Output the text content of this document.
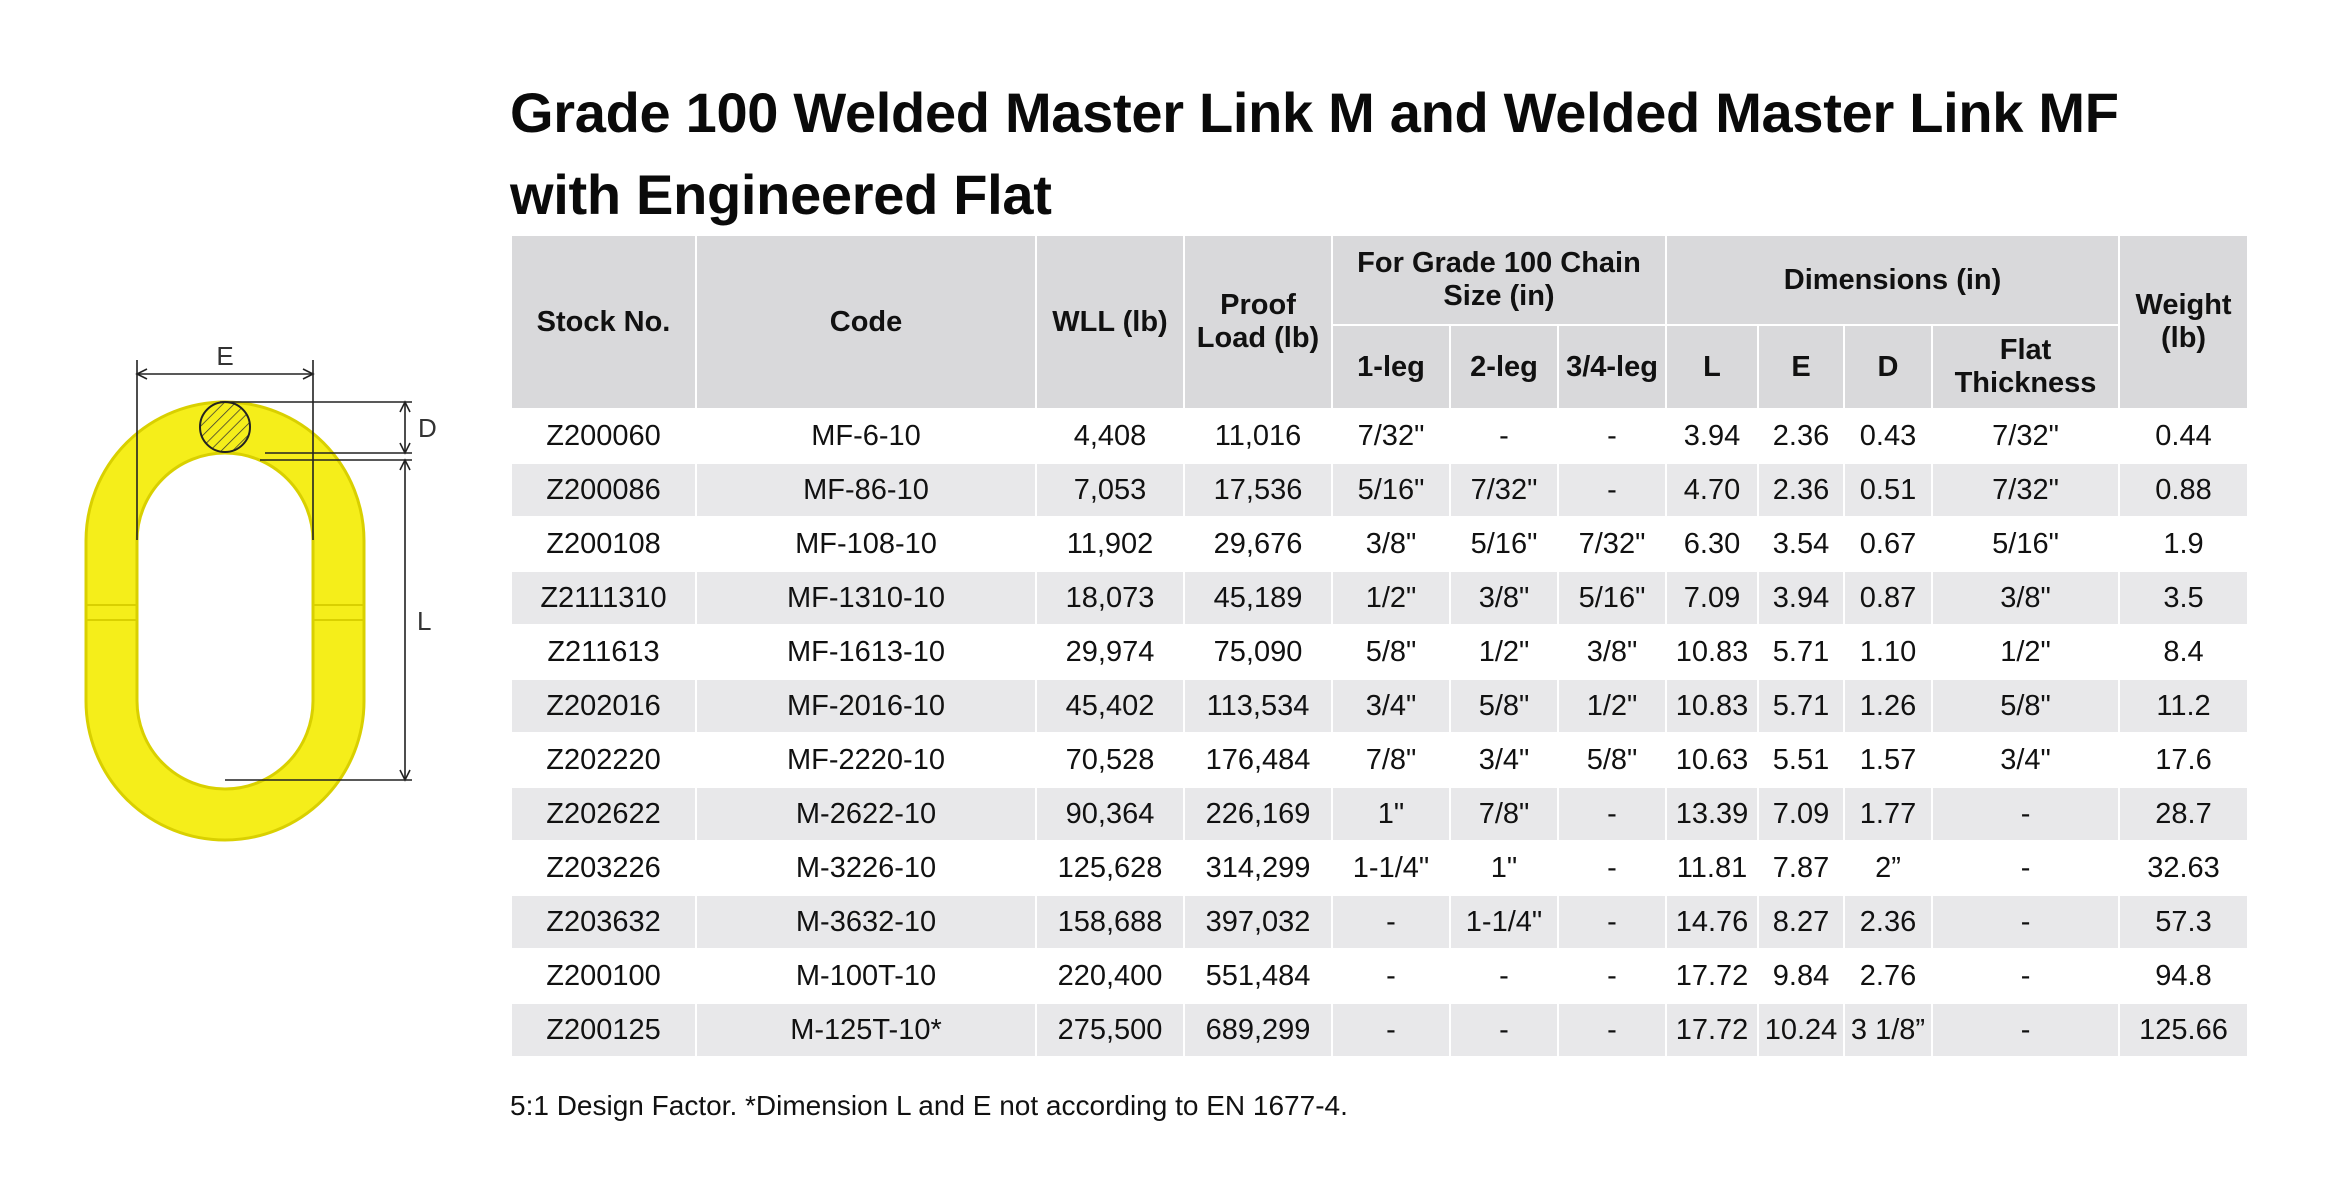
Grade 100 Welded Master Link M and Welded Master Link MF
with Engineered Flat
E
D
L
Stock No.	Code	WLL (lb)	Proof Load (lb)	For Grade 100 Chain Size (in)			Dimensions (in)				Weight (lb)
				1-leg	2-leg	3/4-leg	L	E	D	Flat Thickness	
Z200060	MF-6-10	4,408	11,016	7/32"	-	-	3.94	2.36	0.43	7/32"	0.44
Z200086	MF-86-10	7,053	17,536	5/16"	7/32"	-	4.70	2.36	0.51	7/32"	0.88
Z200108	MF-108-10	11,902	29,676	3/8"	5/16"	7/32"	6.30	3.54	0.67	5/16"	1.9
Z2111310	MF-1310-10	18,073	45,189	1/2"	3/8"	5/16"	7.09	3.94	0.87	3/8"	3.5
Z211613	MF-1613-10	29,974	75,090	5/8"	1/2"	3/8"	10.83	5.71	1.10	1/2"	8.4
Z202016	MF-2016-10	45,402	113,534	3/4"	5/8"	1/2"	10.83	5.71	1.26	5/8"	11.2
Z202220	MF-2220-10	70,528	176,484	7/8"	3/4"	5/8"	10.63	5.51	1.57	3/4"	17.6
Z202622	M-2622-10	90,364	226,169	1"	7/8"	-	13.39	7.09	1.77	-	28.7
Z203226	M-3226-10	125,628	314,299	1-1/4"	1"	-	11.81	7.87	2”	-	32.63
Z203632	M-3632-10	158,688	397,032	-	1-1/4"	-	14.76	8.27	2.36	-	57.3
Z200100	M-100T-10	220,400	551,484	-	-	-	17.72	9.84	2.76	-	94.8
Z200125	M-125T-10*	275,500	689,299	-	-	-	17.72	10.24	3 1/8”	-	125.66
5:1 Design Factor. *Dimension L and E not according to EN 1677-4.
